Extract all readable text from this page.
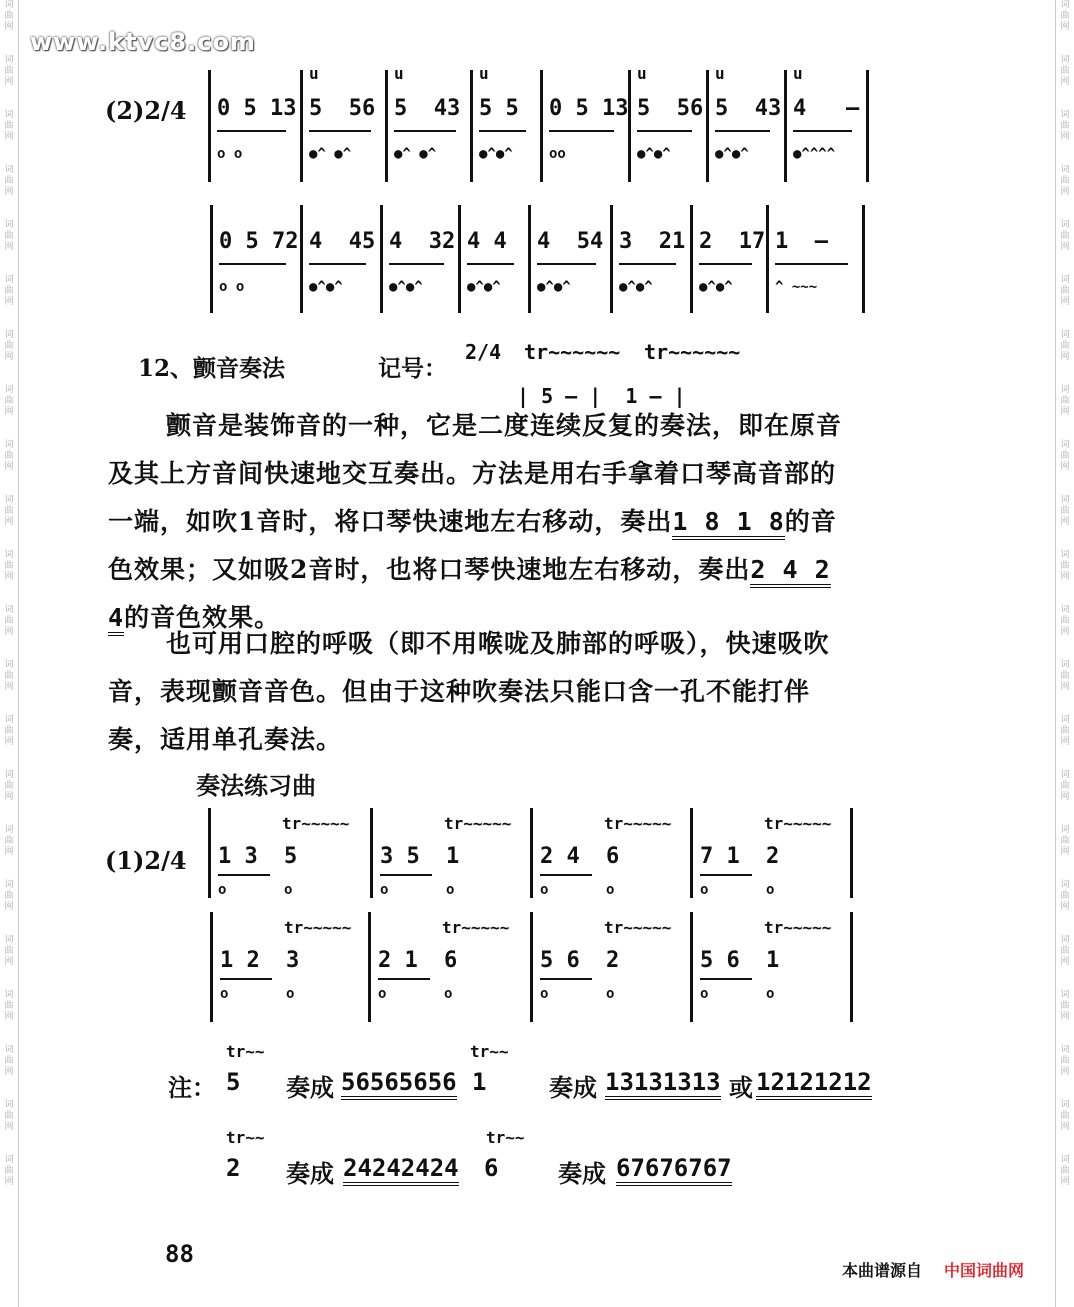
词
曲
网

词
曲
网

词
曲
网

词
曲
网

词
曲
网

词
曲
网

词
曲
网

词
曲
网

词
曲
网

词
曲
网

词
曲
网

词
曲
网

词
曲
网

词
曲
网

词
曲
网

词
曲
网

词
曲
网

词
曲
网

词
曲
网

词
曲
网

词
曲
网

词
曲
网

词
曲
网

词
曲
网

词
曲
网

词
曲
网

词
曲
网

词
曲
网

词
曲
网

词
曲
网

词
曲
网

词
曲
网

词
曲
网

词
曲
网

词
曲
网

词
曲
网

词
曲
网

词
曲
网

词
曲
网

词
曲
网

词
曲
网

词
曲
网

词
曲
网

词
曲
网

www.ktvc8.com
(2)2/4 0 5 13
o o
5  56
●^ ●^
u
5  43
●^ ●^
u
5 5
●^●^
u
0 5 13
oo
5  56
●^●^
u
5  43
●^●^
u
4   —
●^^^^
u
0 5 72
o o
4  45
●^●^
4  32
●^●^
4 4
●^●^
4  54
●^●^
3  21
●^●^
2  17
●^●^
1  —
^ ~~~
12、颤音奏法	记号：
2/4 tr~~~~~~ tr~~~~~~
| 5 — |  1 — |
颤音是装饰音的一种，它是二度连续反复的奏法，即在原音及其上方音间快速地交互奏出。方法是用右手拿着口琴高音部的一端，如吹1音时，将口琴快速地左右移动，奏出1 8 1 8的音色效果；又如吸2音时，也将口琴快速地左右移动，奏出2 4 2 4的音色效果。
也可用口腔的呼吸（即不用喉咙及肺部的呼吸），快速吸吹音，表现颤音音色。但由于这种吹奏法只能口含一孔不能打伴奏，适用单孔奏法。
奏法练习曲
(1)2/4 1 3
o
5
o
tr~~~~~
3 5
o
1
o
tr~~~~~
2 4
o
6
o
tr~~~~~
7 1
o
2
o
tr~~~~~
1 2
o
3
o
tr~~~~~
2 1
o
6
o
tr~~~~~
5 6
o
2
o
tr~~~~~
5 6
o
1
o
tr~~~~~
注：
tr~~
5 奏成 56565656
tr~~
1	奏成 13131313 或 12121212
tr~~
2 奏成 24242424
tr~~
6 奏成 67676767
88
本曲谱源自 中国词曲网
